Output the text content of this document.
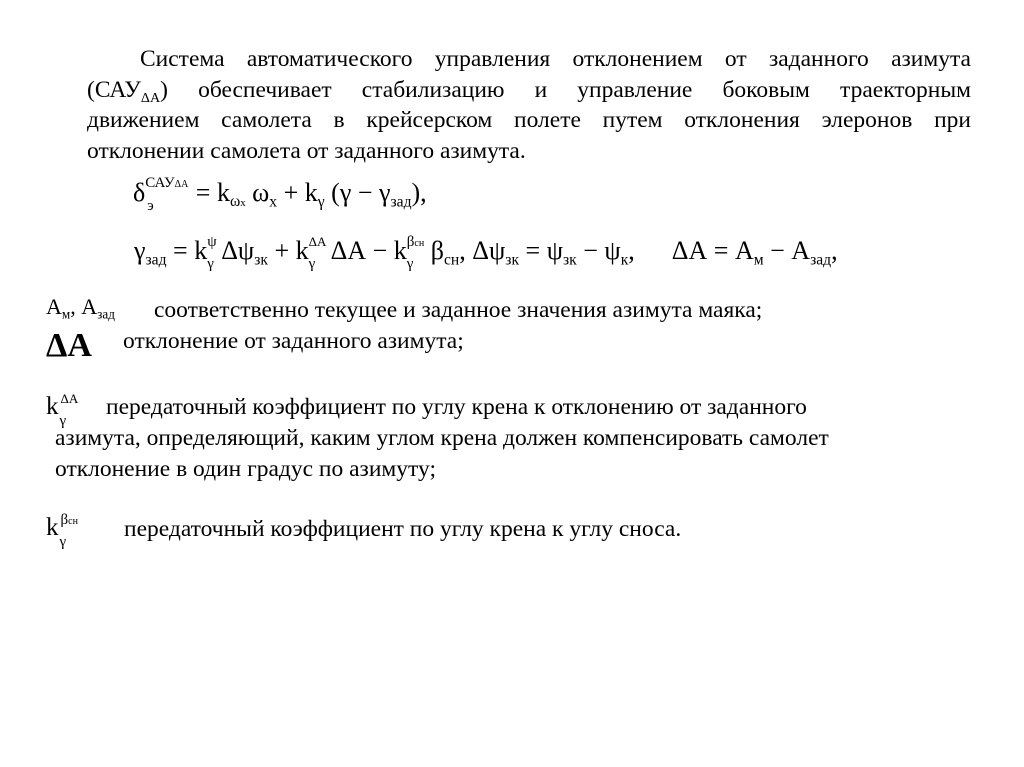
Система автоматического управления отклонением от заданного азимута
$(САУ_{\Delta А})$ обеспечивает стабилизацию и управление боковым траекторным
движением самолета в крейсерском полете путем отклонения элеронов при
отклонении самолета от заданного азимута.
δ САУΔА
$э = k_{\omega x}$ $\omega_x + k_\gamma$ $(\gamma - \gamma_{зад})$,
$\gamma_{зад} = k$ ψ
γ $\Delta\psi_{зк} + k$ ΔА
γ ΔА − k βсн
γ $\beta_{сн}$, $\Delta\psi_{зк} = \psi_{зк} - \psi_к$, $\Delta А = А_м - А_{зад}$,
$А_м$, $А_{зад}$ соответственно текущее и заданное значения азимута маяка;
ΔA отклонение от заданного азимута;
k ΔА
γ
передаточный коэффициент по углу крена к отклонению от заданного
азимута, определяющий, каким углом крена должен компенсировать самолет
отклонение в один градус по азимуту;
k βсн
γ передаточный коэффициент по углу крена к углу сноса.
